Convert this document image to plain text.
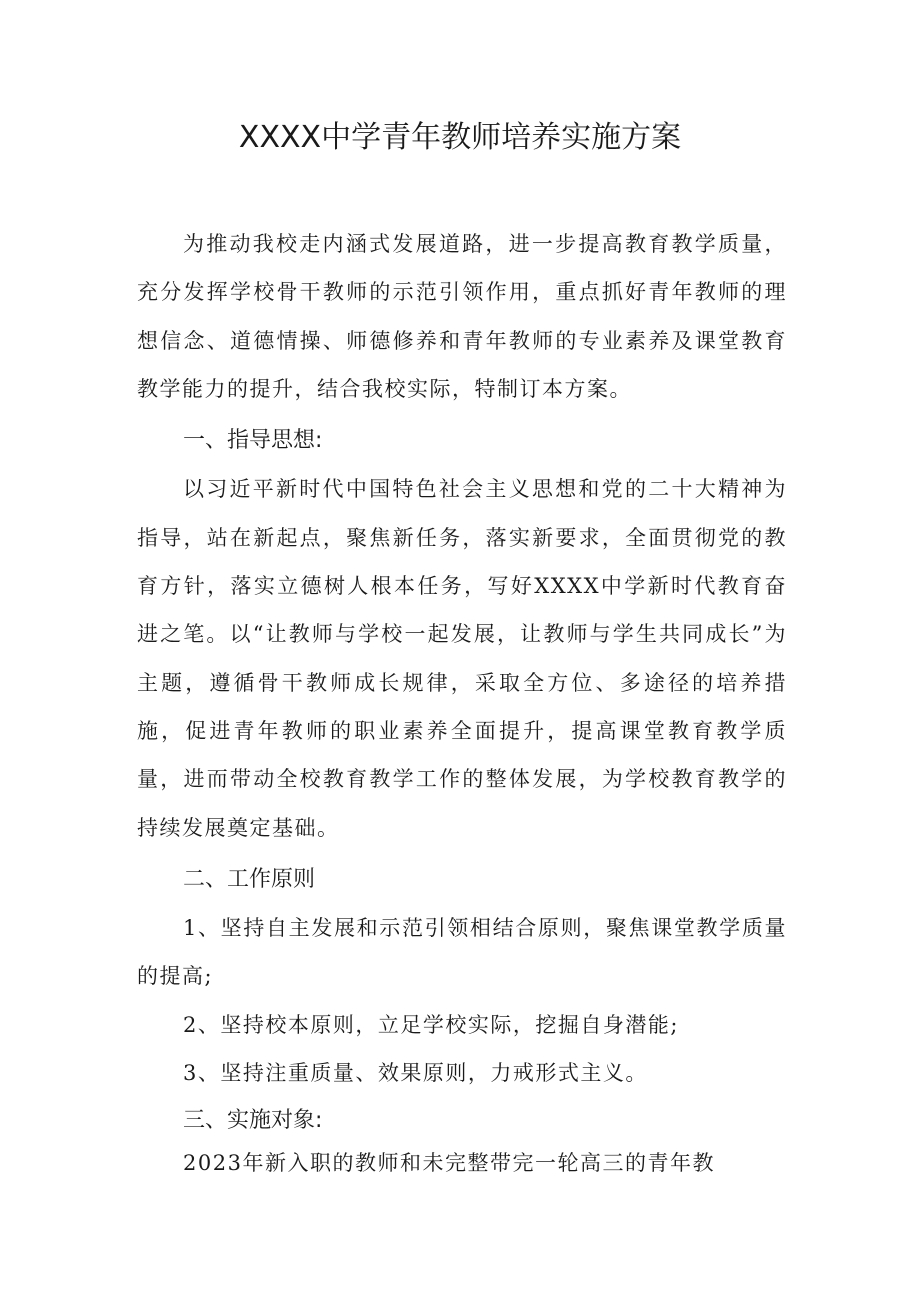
XXXX中学青年教师培养实施方案

为推动我校走内涵式发展道路，进一步提高教育教学质量，充分发挥学校骨干教师的示范引领作用，重点抓好青年教师的理想信念、道德情操、师德修养和青年教师的专业素养及课堂教育教学能力的提升，结合我校实际，特制订本方案。

一、指导思想:

以习近平新时代中国特色社会主义思想和党的二十大精神为指导，站在新起点，聚焦新任务，落实新要求，全面贯彻党的教育方针，落实立德树人根本任务，写好XXXX中学新时代教育奋进之笔。以“让教师与学校一起发展，让教师与学生共同成长”为主题，遵循骨干教师成长规律，采取全方位、多途径的培养措施，促进青年教师的职业素养全面提升，提高课堂教育教学质量，进而带动全校教育教学工作的整体发展，为学校教育教学的持续发展奠定基础。

二、工作原则

1、坚持自主发展和示范引领相结合原则，聚焦课堂教学质量的提高;

2、坚持校本原则，立足学校实际，挖掘自身潜能;

3、坚持注重质量、效果原则，力戒形式主义。

三、实施对象:

2023年新入职的教师和未完整带完一轮高三的青年教
